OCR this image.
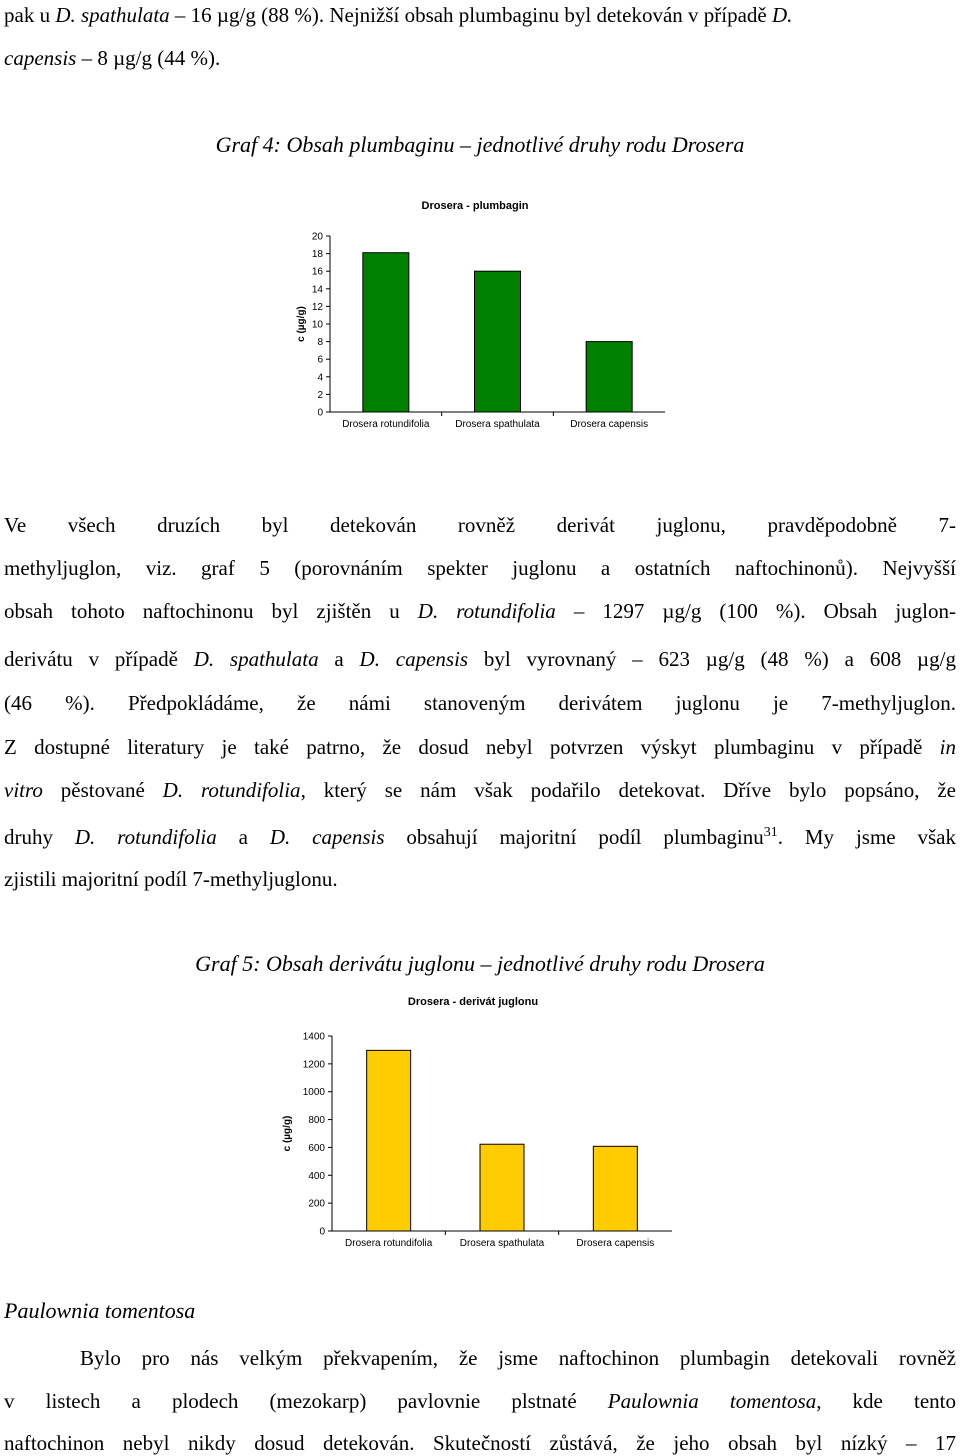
pak u D. spathulata – 16 µg/g (88 %). Nejnižší obsah plumbaginu byl detekován v případě D.
capensis – 8 µg/g (44 %).
Graf 4: Obsah plumbaginu – jednotlivé druhy rodu Drosera
Drosera - plumbagin
c (µg/g)
0
2
4
6
8
10
12
14
16
18
20
Drosera rotundifolia	Drosera spathulata	Drosera capensis
Ve všech druzích byl detekován rovněž derivát juglonu, pravděpodobně 7-
methyljuglon, viz. graf 5 (porovnáním spekter juglonu a ostatních naftochinonů). Nejvyšší
obsah tohoto naftochinonu byl zjištěn u D. rotundifolia – 1297 µg/g (100 %). Obsah juglon-
derivátu v případě D. spathulata a D. capensis byl vyrovnaný – 623 µg/g (48 %) a 608 µg/g
(46 %). Předpokládáme, že námi stanoveným derivátem juglonu je 7-methyljuglon.
Z dostupné literatury je také patrno, že dosud nebyl potvrzen výskyt plumbaginu v případě in
vitro pěstované D. rotundifolia, který se nám však podařilo detekovat. Dříve bylo popsáno, že
druhy D. rotundifolia a D. capensis obsahují majoritní podíl plumbaginu$^{31}$. My jsme však
zjistili majoritní podíl 7-methyljuglonu.
Graf 5: Obsah derivátu juglonu – jednotlivé druhy rodu Drosera
Drosera - derivát juglonu
c (µg/g)
0
200
400
600
800
1000
1200
1400
Drosera rotundifolia	Drosera spathulata	Drosera capensis
Paulownia tomentosa
Bylo pro nás velkým překvapením, že jsme naftochinon plumbagin detekovali rovněž
v listech a plodech (mezokarp) pavlovnie plstnaté Paulownia tomentosa, kde tento
naftochinon nebyl nikdy dosud detekován. Skutečností zůstává, že jeho obsah byl nízký – 17
